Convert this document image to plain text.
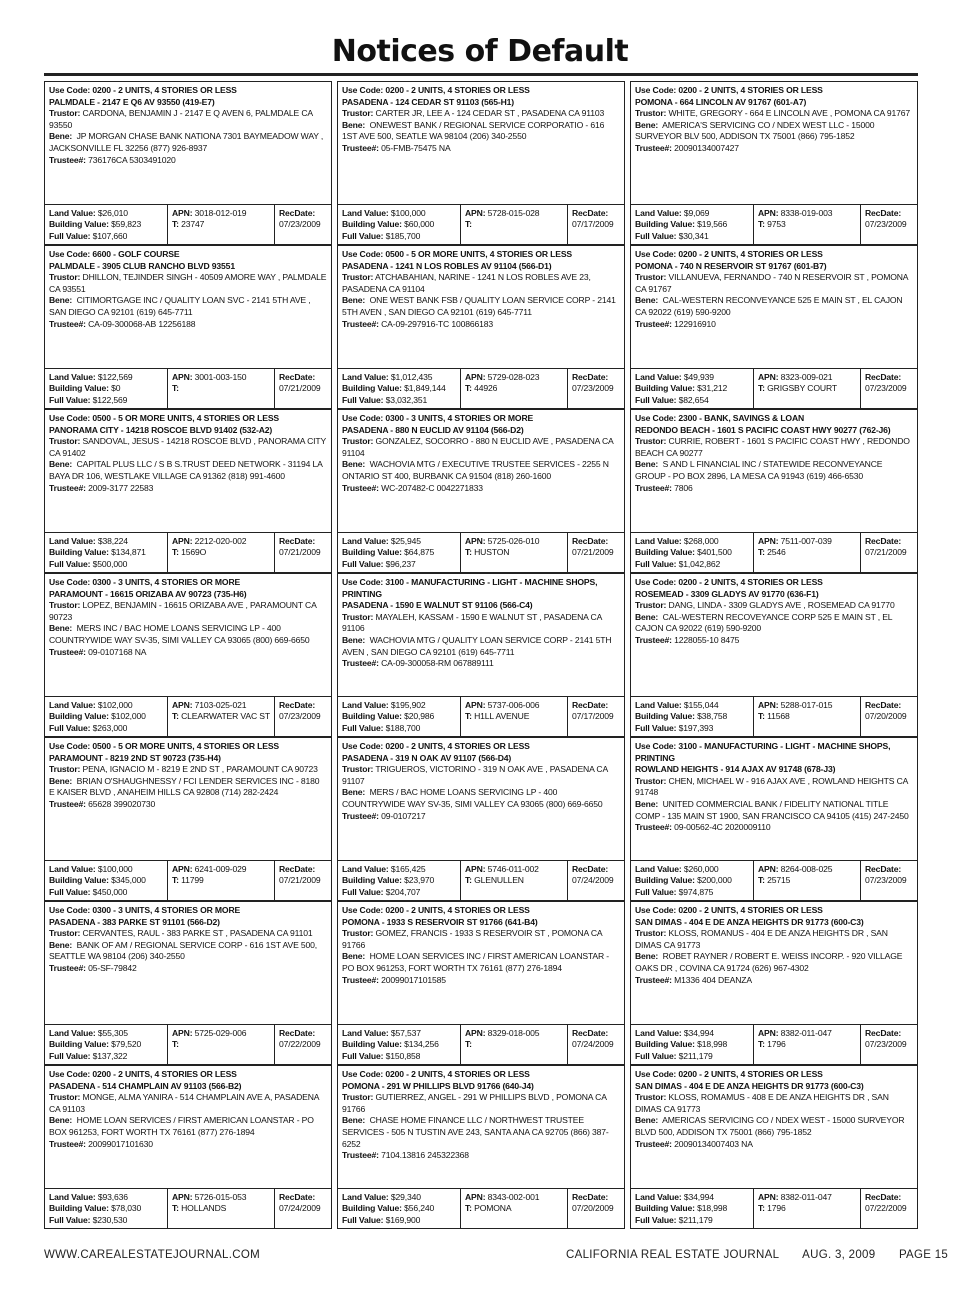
Notices of Default
Use Code: 0200 - 2 UNITS, 4 STORIES OR LESS
PALMDALE - 2147 E Q6 AV 93550 (419-E7)
Trustor: CARDONA, BENJAMIN J - 2147 E Q AVEN 6, PALMDALE CA 93550
Bene: JP MORGAN CHASE BANK NATIONA 7301 BAYMEADOW WAY , JACKSONVILLE FL 32256 (877) 926-8937
Trustee#: 736176CA 5303491020
Land Value: $26,010
Building Value: $59,823
Full Value: $107,660
APN: 3018-012-019
T: 23747
RecDate:
07/23/2009
Use Code: 6600 - GOLF COURSE
PALMDALE - 3905 CLUB RANCHO BLVD 93551
Trustor: DHILLON, TEJINDER SINGH - 40509 AMORE WAY , PALMDALE CA 93551
Bene: CITIMORTGAGE INC / QUALITY LOAN SVC - 2141 5TH AVE , SAN DIEGO CA 92101 (619) 645-7711
Trustee#: CA-09-300068-AB 12256188
Land Value: $122,569
Building Value: $0
Full Value: $122,569
APN: 3001-003-150
T:
RecDate:
07/21/2009
Use Code: 0500 - 5 OR MORE UNITS, 4 STORIES OR LESS
PANORAMA CITY - 14218 ROSCOE BLVD 91402 (532-A2)
Trustor: SANDOVAL, JESUS - 14218 ROSCOE BLVD , PANORAMA CITY CA 91402
Bene: CAPITAL PLUS LLC / S B S.TRUST DEED NETWORK - 31194 LA BAYA DR 106, WESTLAKE VILLAGE CA 91362 (818) 991-4600
Trustee#: 2009-3177 22583
Land Value: $38,224
Building Value: $134,871
Full Value: $500,000
APN: 2212-020-002
T: 1569O
RecDate:
07/21/2009
Use Code: 0300 - 3 UNITS, 4 STORIES OR MORE
PARAMOUNT - 16615 ORIZABA AV 90723 (735-H6)
Trustor: LOPEZ, BENJAMIN - 16615 ORIZABA AVE , PARAMOUNT CA 90723
Bene: MERS INC / BAC HOME LOANS SERVICING LP - 400 COUNTRYWIDE WAY SV-35, SIMI VALLEY CA 93065 (800) 669-6650
Trustee#: 09-0107168 NA
Land Value: $102,000
Building Value: $102,000
Full Value: $263,000
APN: 7103-025-021
T: CLEARWATER VAC ST
RecDate:
07/23/2009
Use Code: 0500 - 5 OR MORE UNITS, 4 STORIES OR LESS
PARAMOUNT - 8219 2ND ST 90723 (735-H4)
Trustor: PENA, IGNACIO M - 8219 E 2ND ST , PARAMOUNT CA 90723
Bene: BRIAN O'SHAUGHNESSY / FCI LENDER SERVICES INC - 8180 E KAISER BLVD , ANAHEIM HILLS CA 92808 (714) 282-2424
Trustee#: 65628 399020730
Land Value: $100,000
Building Value: $345,000
Full Value: $450,000
APN: 6241-009-029
T: 11799
RecDate:
07/21/2009
Use Code: 0300 - 3 UNITS, 4 STORIES OR MORE
PASADENA - 383 PARKE ST 91101 (566-D2)
Trustor: CERVANTES, RAUL - 383 PARKE ST , PASADENA CA 91101
Bene: BANK OF AM / REGIONAL SERVICE CORP - 616 1ST AVE 500, SEATTLE WA 98104 (206) 340-2550
Trustee#: 05-SF-79842
Land Value: $55,305
Building Value: $79,520
Full Value: $137,322
APN: 5725-029-006
T:
RecDate:
07/22/2009
Use Code: 0200 - 2 UNITS, 4 STORIES OR LESS
PASADENA - 514 CHAMPLAIN AV 91103 (566-B2)
Trustor: MONGE, ALMA YANIRA - 514 CHAMPLAIN AVE A, PASADENA CA 91103
Bene: HOME LOAN SERVICES / FIRST AMERICAN LOANSTAR - PO BOX 961253, FORT WORTH TX 76161 (877) 276-1894
Trustee#: 20099017101630
Land Value: $93,636
Building Value: $78,030
Full Value: $230,530
APN: 5726-015-053
T: HOLLANDS
RecDate:
07/24/2009
Use Code: 0200 - 2 UNITS, 4 STORIES OR LESS
PASADENA - 124 CEDAR ST 91103 (565-H1)
Trustor: CARTER JR, LEE A - 124 CEDAR ST , PASADENA CA 91103
Bene: ONEWEST BANK / REGIONAL SERVICE CORPORATIO - 616 1ST AVE 500, SEATLE WA 98104 (206) 340-2550
Trustee#: 05-FMB-75475 NA
Land Value: $100,000
Building Value: $60,000
Full Value: $185,700
APN: 5728-015-028
T:
RecDate:
07/17/2009
Use Code: 0500 - 5 OR MORE UNITS, 4 STORIES OR LESS
PASADENA - 1241 N LOS ROBLES AV 91104 (566-D1)
Trustor: ATCHABAHIAN, NARINE - 1241 N LOS ROBLES AVE 23, PASADENA CA 91104
Bene: ONE WEST BANK FSB / QUALITY LOAN SERVICE CORP - 2141 5TH AVEN , SAN DIEGO CA 92101 (619) 645-7711
Trustee#: CA-09-297916-TC 100866183
Land Value: $1,012,435
Building Value: $1,849,144
Full Value: $3,032,351
APN: 5729-028-023
T: 44926
RecDate:
07/23/2009
Use Code: 0300 - 3 UNITS, 4 STORIES OR MORE
PASADENA - 880 N EUCLID AV 91104 (566-D2)
Trustor: GONZALEZ, SOCORRO - 880 N EUCLID AVE , PASADENA CA 91104
Bene: WACHOVIA MTG / EXECUTIVE TRUSTEE SERVICES - 2255 N ONTARIO ST 400, BURBANK CA 91504 (818) 260-1600
Trustee#: WC-207482-C 0042271833
Land Value: $25,945
Building Value: $64,875
Full Value: $96,237
APN: 5725-026-010
T: HUSTON
RecDate:
07/21/2009
Use Code: 3100 - MANUFACTURING - LIGHT - MACHINE SHOPS, PRINTING
PASADENA - 1590 E WALNUT ST 91106 (566-C4)
Trustor: MAYALEH, KASSAM - 1590 E WALNUT ST , PASADENA CA 91106
Bene: WACHOVIA MTG / QUALITY LOAN SERVICE CORP - 2141 5TH AVEN , SAN DIEGO CA 92101 (619) 645-7711
Trustee#: CA-09-300058-RM 067889111
Land Value: $195,902
Building Value: $20,986
Full Value: $188,700
APN: 5737-006-006
T: H1LL AVENUE
RecDate:
07/17/2009
Use Code: 0200 - 2 UNITS, 4 STORIES OR LESS
PASADENA - 319 N OAK AV 91107 (566-D4)
Trustor: TRIGUEROS, VICTORINO - 319 N OAK AVE , PASADENA CA 91107
Bene: MERS / BAC HOME LOANS SERVICING LP - 400 COUNTRYWIDE WAY SV-35, SIMI VALLEY CA 93065 (800) 669-6650
Trustee#: 09-0107217
Land Value: $165,425
Building Value: $23,970
Full Value: $204,707
APN: 5746-011-002
T: GLENULLEN
RecDate:
07/24/2009
Use Code: 0200 - 2 UNITS, 4 STORIES OR LESS
POMONA - 1933 S RESERVOIR ST 91766 (641-B4)
Trustor: GOMEZ, FRANCIS - 1933 S RESERVOIR ST , POMONA CA 91766
Bene: HOME LOAN SERVICES INC / FIRST AMERICAN LOANSTAR - PO BOX 961253, FORT WORTH TX 76161 (877) 276-1894
Trustee#: 20099017101585
Land Value: $57,537
Building Value: $134,256
Full Value: $150,858
APN: 8329-018-005
T:
RecDate:
07/24/2009
Use Code: 0200 - 2 UNITS, 4 STORIES OR LESS
POMONA - 291 W PHILLIPS BLVD 91766 (640-J4)
Trustor: GUTIERREZ, ANGEL - 291 W PHILLIPS BLVD , POMONA CA 91766
Bene: CHASE HOME FINANCE LLC / NORTHWEST TRUSTEE SERVICES - 505 N TUSTIN AVE 243, SANTA ANA CA 92705 (866) 387-6252
Trustee#: 7104.13816 245322368
Land Value: $29,340
Building Value: $56,240
Full Value: $169,900
APN: 8343-002-001
T: POMONA
RecDate:
07/20/2009
Use Code: 0200 - 2 UNITS, 4 STORIES OR LESS
POMONA - 664 LINCOLN AV 91767 (601-A7)
Trustor: WHITE, GREGORY - 664 E LINCOLN AVE , POMONA CA 91767
Bene: AMERICA'S SERVICING CO / NDEX WEST LLC - 15000 SURVEYOR BLV 500, ADDISON TX 75001 (866) 795-1852
Trustee#: 20090134007427
Land Value: $9,069
Building Value: $19,566
Full Value: $30,341
APN: 8338-019-003
T: 9753
RecDate:
07/23/2009
Use Code: 0200 - 2 UNITS, 4 STORIES OR LESS
POMONA - 740 N RESERVOIR ST 91767 (601-B7)
Trustor: VILLANUEVA, FERNANDO - 740 N RESERVOIR ST , POMONA CA 91767
Bene: CAL-WESTERN RECONVEYANCE 525 E MAIN ST , EL CAJON CA 92022 (619) 590-9200
Trustee#: 122916910
Land Value: $49,939
Building Value: $31,212
Full Value: $82,654
APN: 8323-009-021
T: GRIGSBY COURT
RecDate:
07/23/2009
Use Code: 2300 - BANK, SAVINGS & LOAN
REDONDO BEACH - 1601 S PACIFIC COAST HWY 90277 (762-J6)
Trustor: CURRIE, ROBERT - 1601 S PACIFIC COAST HWY , REDONDO BEACH CA 90277
Bene: S AND L FINANCIAL INC / STATEWIDE RECONVEYANCE GROUP - PO BOX 2896, LA MESA CA 91943 (619) 466-6530
Trustee#: 7806
Land Value: $268,000
Building Value: $401,500
Full Value: $1,042,862
APN: 7511-007-039
T: 2546
RecDate:
07/21/2009
Use Code: 0200 - 2 UNITS, 4 STORIES OR LESS
ROSEMEAD - 3309 GLADYS AV 91770 (636-F1)
Trustor: DANG, LINDA - 3309 GLADYS AVE , ROSEMEAD CA 91770
Bene: CAL-WESTERN RECOVEYANCE CORP 525 E MAIN ST , EL CAJON CA 92022 (619) 590-9200
Trustee#: 1228055-10 8475
Land Value: $155,044
Building Value: $38,758
Full Value: $197,393
APN: 5288-017-015
T: 11568
RecDate:
07/20/2009
Use Code: 3100 - MANUFACTURING - LIGHT - MACHINE SHOPS, PRINTING
ROWLAND HEIGHTS - 914 AJAX AV 91748 (678-J3)
Trustor: CHEN, MICHAEL W - 916 AJAX AVE , ROWLAND HEIGHTS CA 91748
Bene: UNITED COMMERCIAL BANK / FIDELITY NATIONAL TITLE COMP - 135 MAIN ST 1900, SAN FRANCISCO CA 94105 (415) 247-2450
Trustee#: 09-00562-4C 2020009110
Land Value: $260,000
Building Value: $200,000
Full Value: $974,875
APN: 8264-008-025
T: 25715
RecDate:
07/23/2009
Use Code: 0200 - 2 UNITS, 4 STORIES OR LESS
SAN DIMAS - 404 E DE ANZA HEIGHTS DR 91773 (600-C3)
Trustor: KLOSS, ROMANUS - 404 E DE ANZA HEIGHTS DR , SAN DIMAS CA 91773
Bene: ROBET RAYNER / ROBERT E. WEISS INCORP. - 920 VILLAGE OAKS DR , COVINA CA 91724 (626) 967-4302
Trustee#: M1336 404 DEANZA
Land Value: $34,994
Building Value: $18,998
Full Value: $211,179
APN: 8382-011-047
T: 1796
RecDate:
07/23/2009
Use Code: 0200 - 2 UNITS, 4 STORIES OR LESS
SAN DIMAS - 404 E DE ANZA HEIGHTS DR 91773 (600-C3)
Trustor: KLOSS, ROMAMUS - 408 E DE ANZA HEIGHTS DR , SAN DIMAS CA 91773
Bene: AMERICAS SERVICING CO / NDEX WEST - 15000 SURVEYOR BLVD 500, ADDISON TX 75001 (866) 795-1852
Trustee#: 20090134007403 NA
Land Value: $34,994
Building Value: $18,998
Full Value: $211,179
APN: 8382-011-047
T: 1796
RecDate:
07/22/2009
WWW.CAREALESTATEJOURNAL.COM	CALIFORNIA REAL ESTATE JOURNAL AUG. 3, 2009 PAGE 15
